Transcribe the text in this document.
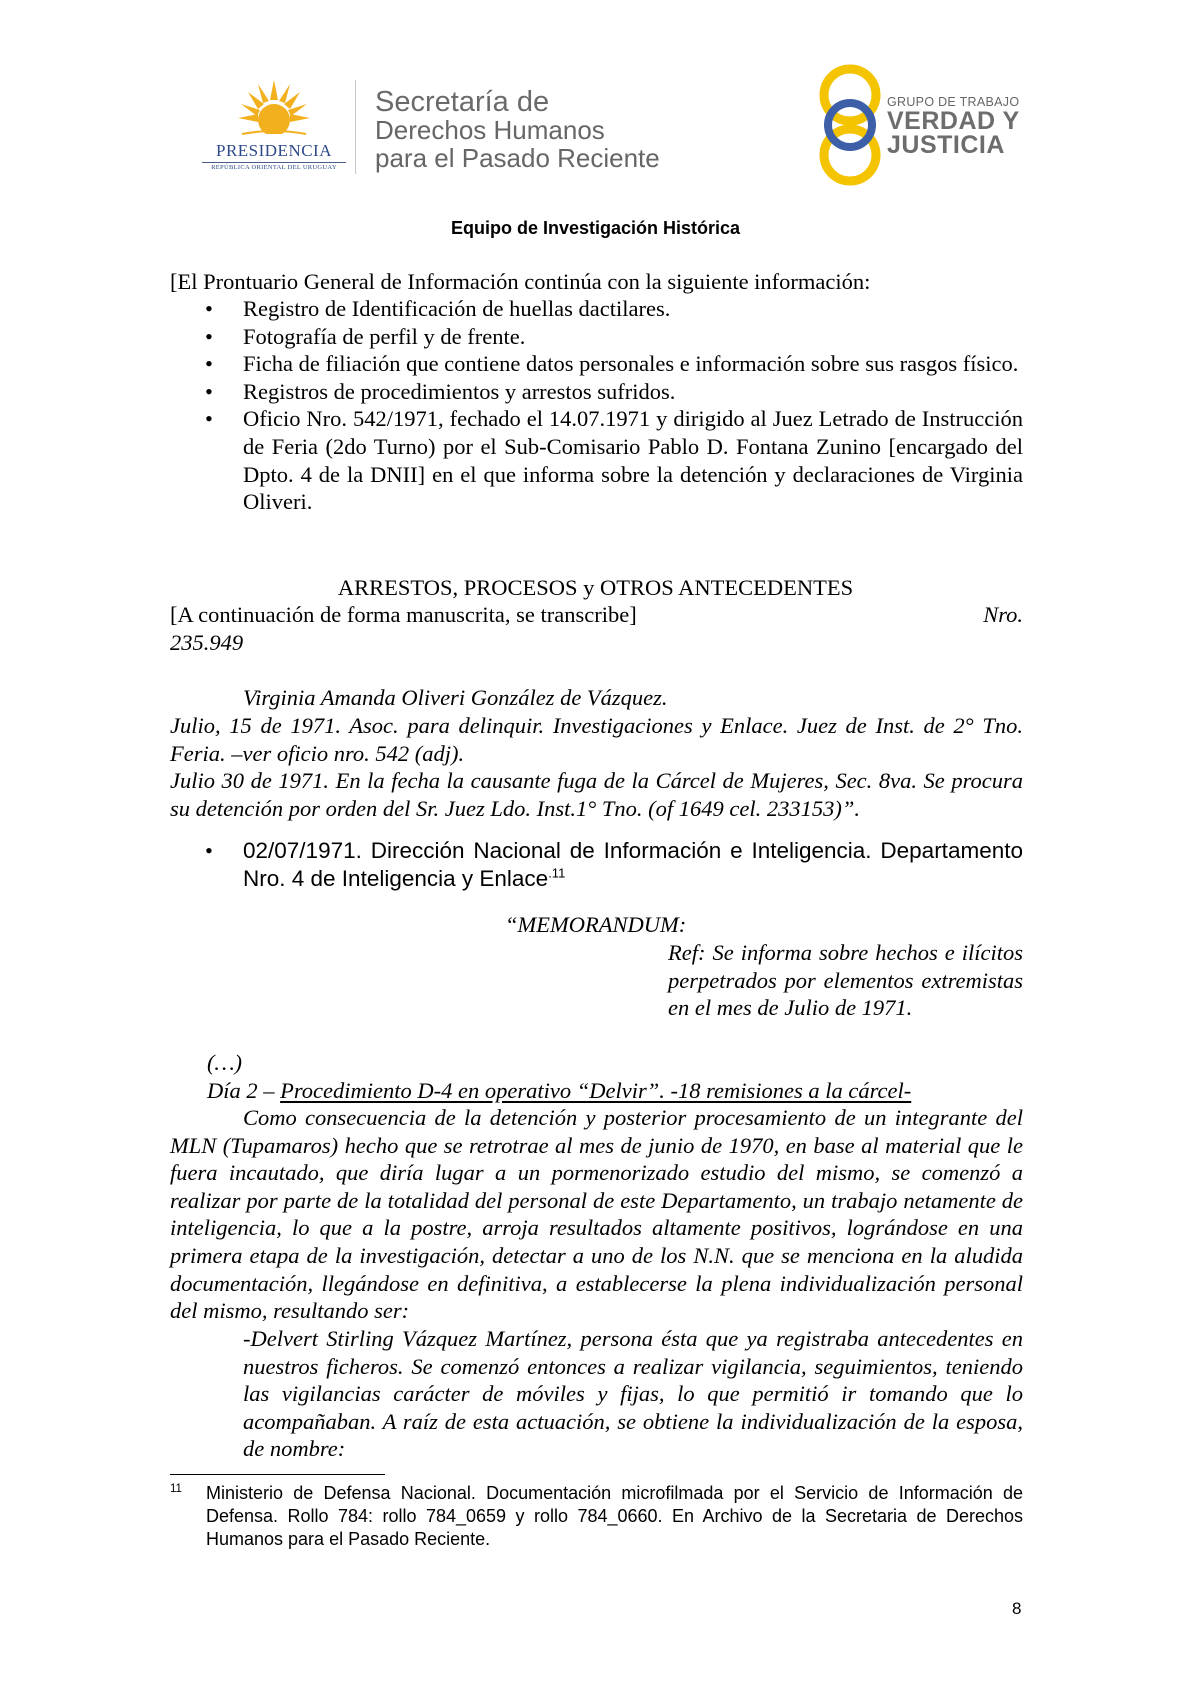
PRESIDENCIA
REPÚBLICA ORIENTAL DEL URUGUAY
Secretaría de
Derechos Humanos
para el Pasado Reciente
GRUPO DE TRABAJO
VERDAD Y
JUSTICIA
Equipo de Investigación Histórica
[El Prontuario General de Información continúa con la siguiente información:
• Registro de Identificación de huellas dactilares.
• Fotografía de perfil y de frente.
• Ficha de filiación que contiene datos personales e información sobre sus rasgos físico.
• Registros de procedimientos y arrestos sufridos.
• Oficio Nro. 542/1971, fechado el 14.07.1971 y dirigido al Juez Letrado de Instrucción de Feria (2do Turno) por el Sub-Comisario Pablo D. Fontana Zunino [encargado del Dpto. 4 de la DNII] en el que informa sobre la detención y declaraciones de Virginia Oliveri.
ARRESTOS, PROCESOS y OTROS ANTECEDENTES
[A continuación de forma manuscrita, se transcribe]	Nro.
235.949
Virginia Amanda Oliveri González de Vázquez.
Julio, 15 de 1971. Asoc. para delinquir. Investigaciones y Enlace. Juez de Inst. de 2° Tno. Feria. –ver oficio nro. 542 (adj).
Julio 30 de 1971. En la fecha la causante fuga de la Cárcel de Mujeres, Sec. 8va. Se procura su detención por orden del Sr. Juez Ldo. Inst.1° Tno. (of 1649 cel. 233153)”.
•	02/07/1971. Dirección Nacional de Información e Inteligencia. Departamento Nro. 4 de Inteligencia y Enlace$^{.11}$
“MEMORANDUM:
Ref: Se informa sobre hechos e ilícitos perpetrados por elementos extremistas en el mes de Julio de 1971.
(…)
Día 2 – Procedimiento D-4 en operativo “Delvir”. -18 remisiones a la cárcel-
Como consecuencia de la detención y posterior procesamiento de un integrante del MLN (Tupamaros) hecho que se retrotrae al mes de junio de 1970, en base al material que le fuera incautado, que diría lugar a un pormenorizado estudio del mismo, se comenzó a realizar por parte de la totalidad del personal de este Departamento, un trabajo netamente de inteligencia, lo que a la postre, arroja resultados altamente positivos, lográndose en una primera etapa de la investigación, detectar a uno de los N.N. que se menciona en la aludida documentación, llegándose en definitiva, a establecerse la plena individualización personal del mismo, resultando ser:
-Delvert Stirling Vázquez Martínez, persona ésta que ya registraba antecedentes en nuestros ficheros. Se comenzó entonces a realizar vigilancia, seguimientos, teniendo las vigilancias carácter de móviles y fijas, lo que permitió ir tomando que lo acompañaban. A raíz de esta actuación, se obtiene la individualización de la esposa, de nombre:
11	Ministerio de Defensa Nacional. Documentación microfilmada por el Servicio de Información de Defensa. Rollo 784: rollo 784_0659 y rollo 784_0660. En Archivo de la Secretaria de Derechos Humanos para el Pasado Reciente.
8
